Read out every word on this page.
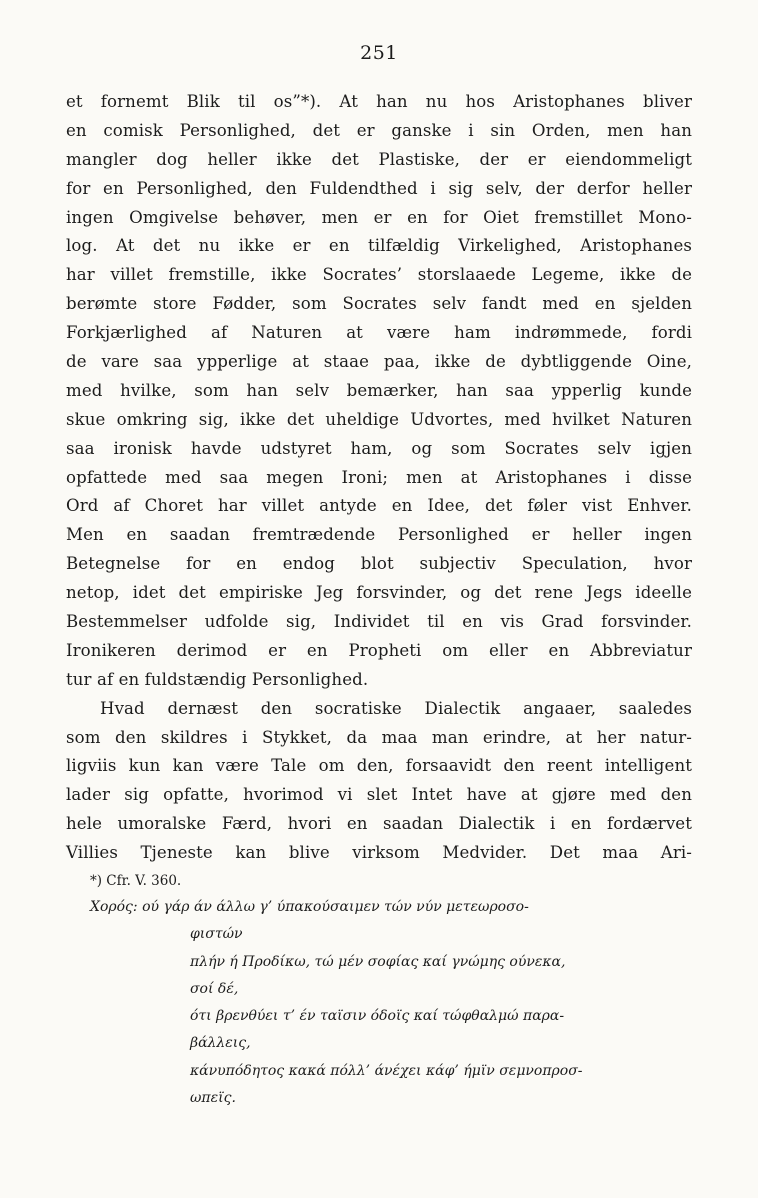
251
et fornemt Blik til os”*). At han nu hos Aristophanes bliver
en comisk Personlighed, det er ganske i sin Orden, men han
mangler dog heller ikke det Plastiske, der er eiendommeligt
for en Personlighed, den Fuldendthed i sig selv, der derfor heller
ingen Omgivelse behøver, men er en for Oiet fremstillet Mono-
log. At det nu ikke er en tilfældig Virkelighed, Aristophanes
har villet fremstille, ikke Socrates’ storslaaede Legeme, ikke de
berømte store Fødder, som Socrates selv fandt med en sjelden
Forkjærlighed af Naturen at være ham indrømmede, fordi
de vare saa ypperlige at staae paa, ikke de dybtliggende Oine,
med hvilke, som han selv bemærker, han saa ypperlig kunde
skue omkring sig, ikke det uheldige Udvortes, med hvilket Naturen
saa ironisk havde udstyret ham, og som Socrates selv igjen
opfattede med saa megen Ironi; men at Aristophanes i disse
Ord af Choret har villet antyde en Idee, det føler vist Enhver.
Men en saadan fremtrædende Personlighed er heller ingen
Betegnelse for en endog blot subjectiv Speculation, hvor
netop, idet det empiriske Jeg forsvinder, og det rene Jegs ideelle
Bestemmelser udfolde sig, Individet til en vis Grad forsvinder.
Ironikeren derimod er en Propheti om eller en Abbreviatur
tur af en fuldstændig Personlighed.
Hvad dernæst den socratiske Dialectik angaaer, saaledes
som den skildres i Stykket, da maa man erindre, at her natur-
ligviis kun kan være Tale om den, forsaavidt den reent intelligent
lader sig opfatte, hvorimod vi slet Intet have at gjøre med den
hele umoralske Færd, hvori en saadan Dialectik i en fordærvet
Villies Tjeneste kan blive virksom Medvider. Det maa Ari-
*) Cfr. V. 360.
Χορός: ού γάρ άν άλλω γ’ ύπακούσαιμεν τών νύν μετεωροσο-
φιστών
πλήν ή Προδίκω, τώ μέν σοφίας καί γνώμης ούνεκα,
σοί δέ,
ότι βρενθύει τ’ έν ταϊσιν όδοϊς καί τώφθαλμώ παρα-
βάλλεις,
κάνυπόδητος κακά πόλλ’ άνέχει κάφ’ ήμϊν σεμνοπροσ-
ωπεϊς.
